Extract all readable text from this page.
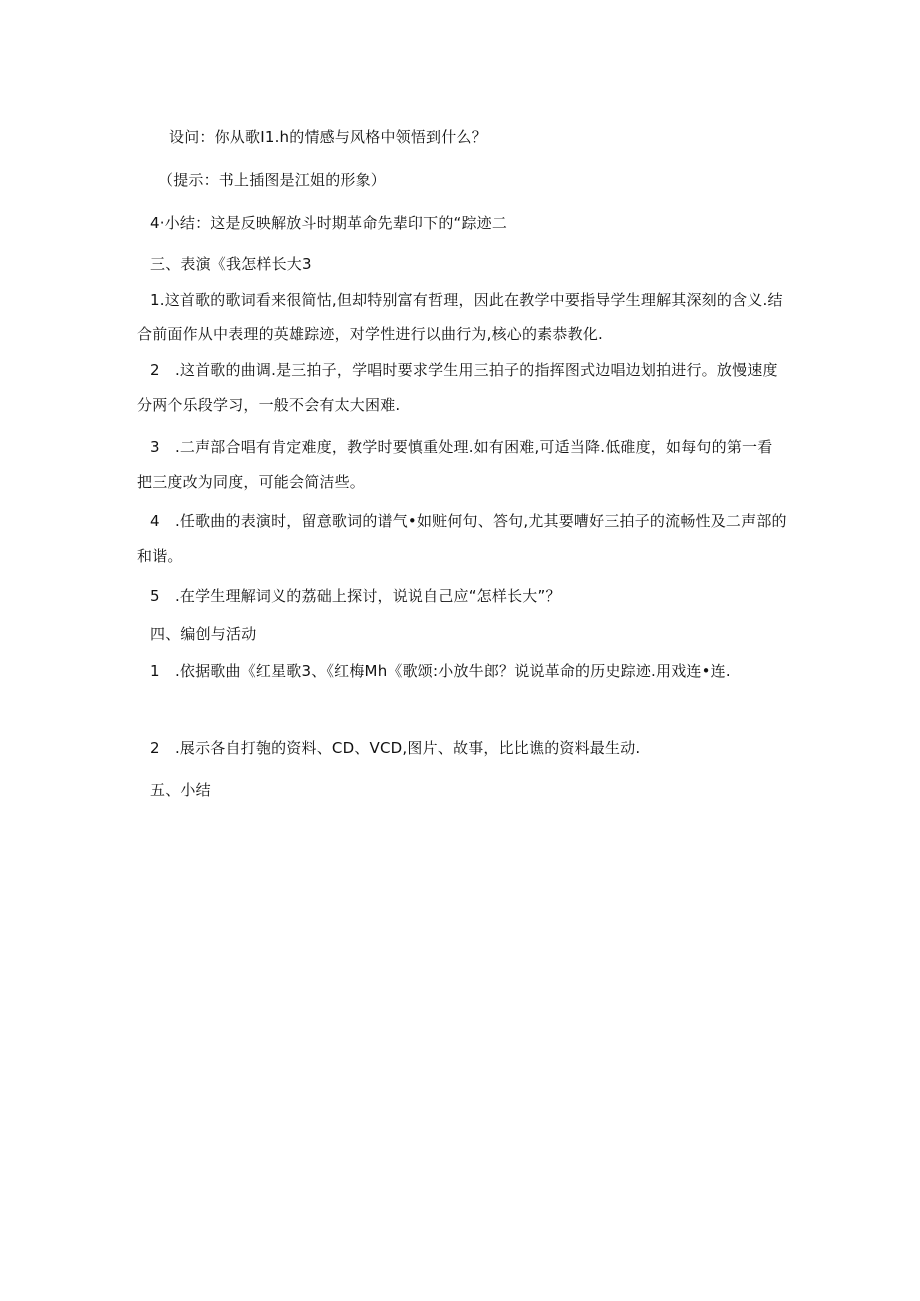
设问：你从歌I1.h的情感与风格中领悟到什么？
（提示：书上插图是江姐的形象）
4·小结：这是反映解放斗时期革命先辈印下的“踪迹二
三、表演《我怎样长大3
1.这首歌的歌词看来很简怙,但却特别富有哲理，因此在教学中要指导学生理解其深刻的含义.结
合前面作从中表理的英雄踪迹，对学性进行以曲行为,核心的素恭教化.
2　.这首歌的曲调.是三拍子，学唱时要求学生用三拍子的指挥图式边唱边划拍进行。放慢速度
分两个乐段学习，一般不会有太大困难.
3　.二声部合唱有肯定难度，教学时要慎重处理.如有困难,可适当降.低碓度，如每句的第一看
把三度改为同度，可能会简洁些。
4　.任歌曲的表演时，留意歌词的谱气•如赃何句、答句,尤其要嘈好三拍子的流畅性及二声部的
和谐。
5　.在学生理解词义的荔础上探讨，说说自己应“怎样长大”？
四、编创与活动
1　.依据歌曲《红星歌3、《红梅Mh《歌颂:小放牛郎？说说革命的历史踪迹.用戏连•连.
2　.展示各自打匏的资料、CD、VCD,图片、故事，比比谯的资料最生动.
五、小结
